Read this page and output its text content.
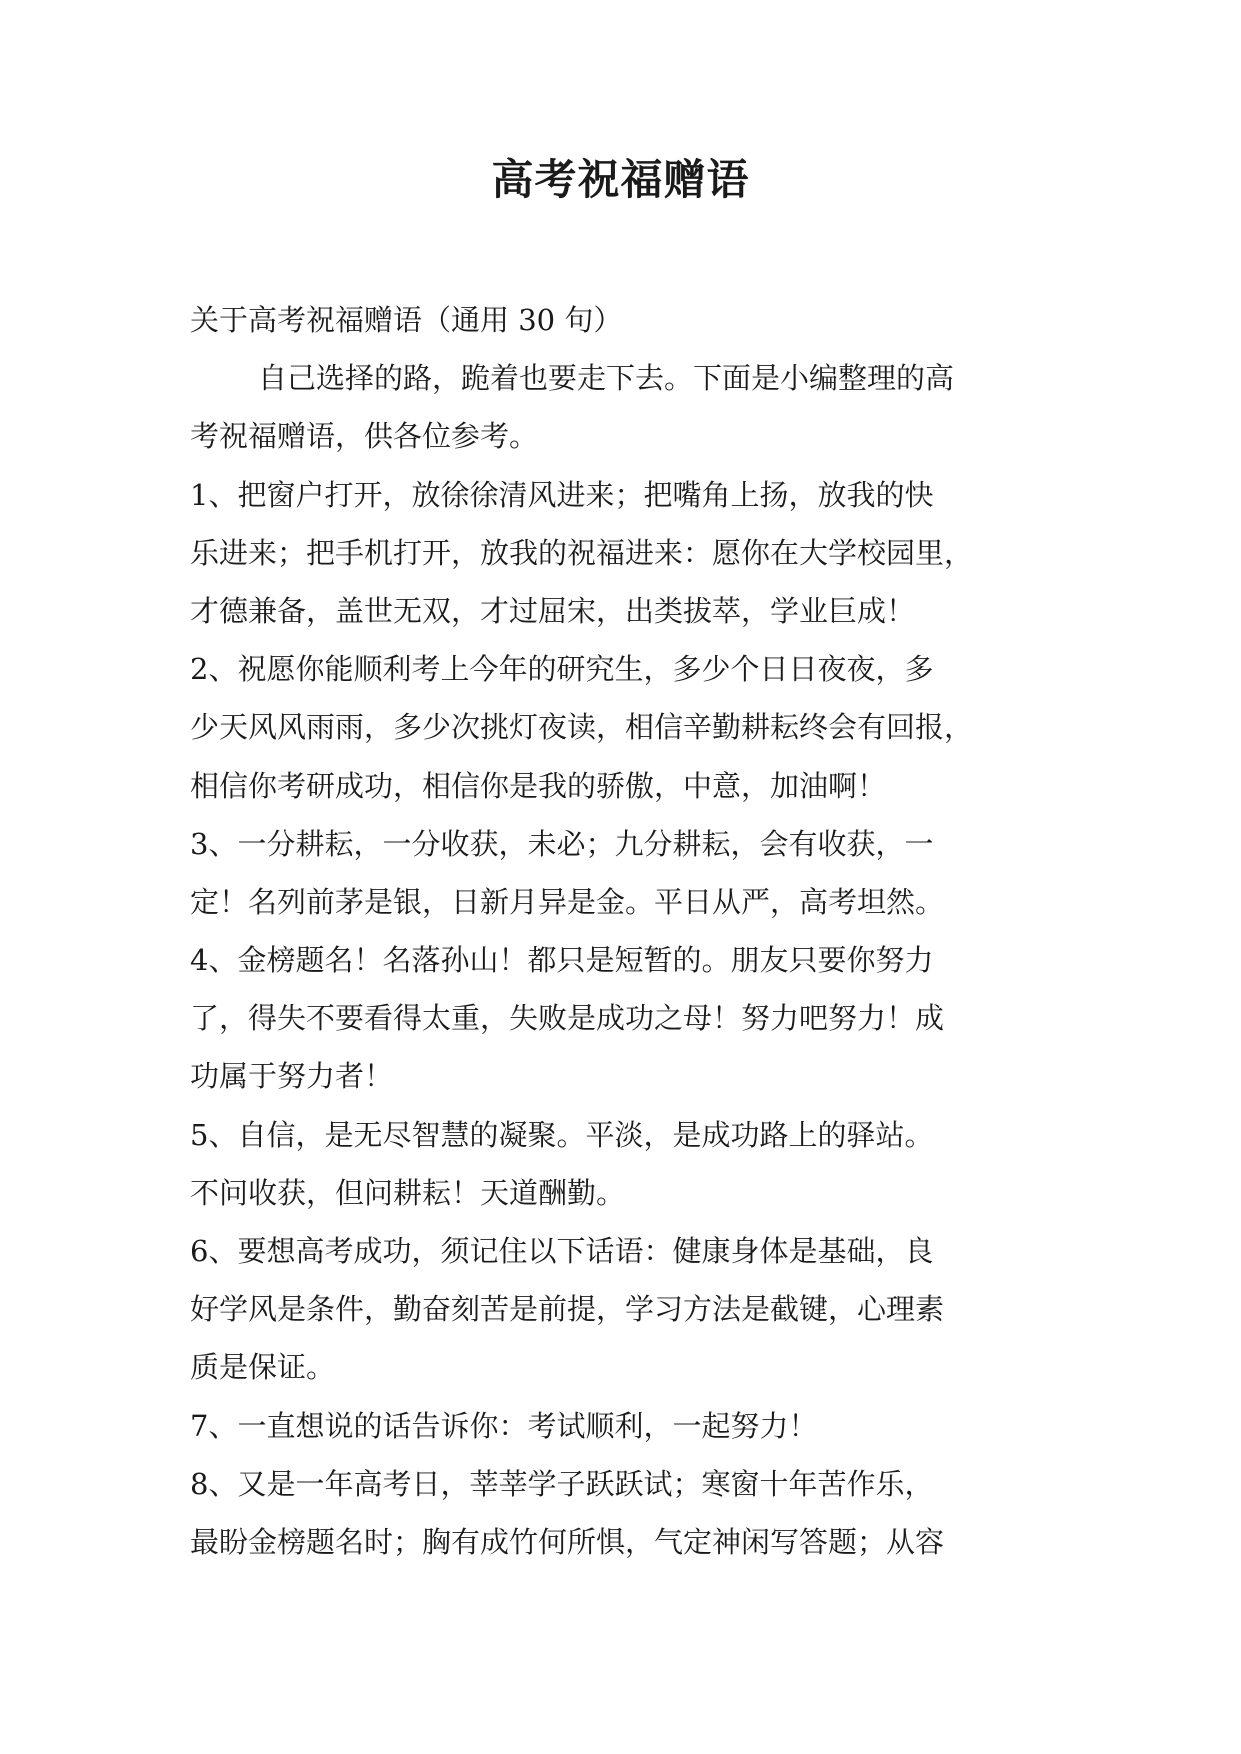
高考祝福赠语
关于高考祝福赠语（通用 30 句）
自己选择的路，跪着也要走下去。下面是小编整理的高
考祝福赠语，供各位参考。
1、把窗户打开，放徐徐清风进来；把嘴角上扬，放我的快
乐进来；把手机打开，放我的祝福进来：愿你在大学校园里，
才德兼备，盖世无双，才过屈宋，出类拔萃，学业巨成！
2、祝愿你能顺利考上今年的研究生，多少个日日夜夜，多
少天风风雨雨，多少次挑灯夜读，相信辛勤耕耘终会有回报，
相信你考研成功，相信你是我的骄傲，中意，加油啊！
3、一分耕耘，一分收获，未必；九分耕耘，会有收获，一
定！名列前茅是银，日新月异是金。平日从严，高考坦然。
4、金榜题名！名落孙山！都只是短暂的。朋友只要你努力
了，得失不要看得太重，失败是成功之母！努力吧努力！成
功属于努力者！
5、自信，是无尽智慧的凝聚。平淡，是成功路上的驿站。
不问收获，但问耕耘！天道酬勤。
6、要想高考成功，须记住以下话语：健康身体是基础，良
好学风是条件，勤奋刻苦是前提，学习方法是截键，心理素
质是保证。
7、一直想说的话告诉你：考试顺利，一起努力！
8、又是一年高考日，莘莘学子跃跃试；寒窗十年苦作乐，
最盼金榜题名时；胸有成竹何所惧，气定神闲写答题；从容
